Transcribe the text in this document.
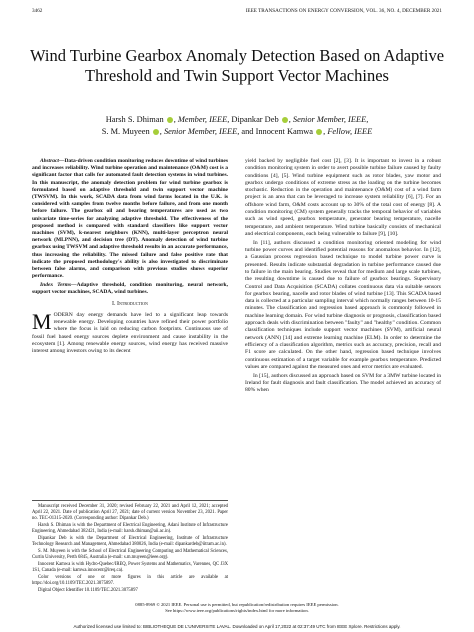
3462	IEEE TRANSACTIONS ON ENERGY CONVERSION, VOL. 36, NO. 4, DECEMBER 2021
Wind Turbine Gearbox Anomaly Detection Based on Adaptive Threshold and Twin Support Vector Machines
Harsh S. Dhiman , Member, IEEE, Dipankar Deb , Senior Member, IEEE,
S. M. Muyeen , Senior Member, IEEE, and Innocent Kamwa , Fellow, IEEE

Abstract—Data-driven condition monitoring reduces downtime of wind turbines and increases reliability. Wind turbine operation and maintenance (O&M) cost is a significant factor that calls for automated fault detection systems in wind turbines. In this manuscript, the anomaly detection problem for wind turbine gearbox is formulated based on adaptive threshold and twin support vector machine (TWSVM). In this work, SCADA data from wind farms located in the U.K. is considered with samples from twelve months before failure, and from one month before failure. The gearbox oil and bearing temperatures are used as two univariate time-series for analyzing adaptive threshold. The effectiveness of the proposed method is compared with standard classifiers like support vector machines (SVM), k-nearest neighbors (KNN), multi-layer perceptron neural network (MLPNN), and decision tree (DT). Anomaly detection of wind turbine gearbox using TWSVM and adaptive threshold results in an accurate performance, thus increasing the reliability. The missed failure and false positive rate that indicate the proposed methodology's ability is also investigated to discriminate between false alarms, and comparison with previous studies shows superior performance.

Index Terms—Adaptive threshold, condition monitoring, neural network, support vector machines, SCADA, wind turbines.

I. Introduction

MODERN day energy demands have led to a significant leap towards renewable energy. Developing countries have refined their power portfolio where the focus is laid on reducing carbon footprints. Continuous use of fossil fuel based energy sources deplete environment and cause instability in the ecosystem [1]. Among renewable energy sources, wind energy has received massive interest among investors owing to its decent

Manuscript received December 31, 2020; revised February 22, 2021 and April 12, 2021; accepted April 22, 2021. Date of publication April 27, 2021; date of current version November 23, 2021. Paper no. TEC-01315-2020. (Corresponding author: Dipankar Deb.)

Harsh S. Dhiman is with the Department of Electrical Engineering, Adani Institute of Infrastructure Engineering, Ahmedabad 382421, India (e-mail: harsh.dhiman@aii.ac.in).

Dipankar Deb is with the Department of Electrical Engineering, Institute of Infrastructure Technology Research and Management, Ahmedabad 380026, India (e-mail: dipankardeb@iitram.ac.in).

S. M. Muyeen is with the School of Electrical Engineering Computing and Mathematical Sciences, Curtin University, Perth 6845, Australia (e-mail: s.m.muyeen@ieee.org).

Innocent Kamwa is with Hydro-Quebec/IREQ, Power Systems and Mathematics, Varennes, QC J3X 1S1, Canada (e-mail: kamwa.innocent@ireq.ca).

Color versions of one or more figures in this article are available at https://doi.org/10.1109/TEC.2021.3075897.

Digital Object Identifier 10.1109/TEC.2021.3075897

yield backed by negligible fuel cost [2], [3]. It is important to invest in a robust condition monitoring system in order to avert possible turbine failure caused by faulty conditions [4], [5]. Wind turbine equipment such as rotor blades, yaw motor and gearbox undergo conditions of extreme stress as the loading on the turbine becomes stochastic. Reduction in the operation and maintenance (O&M) cost of a wind farm project is an area that can be leveraged to increase system reliability [6], [7]. For an offshore wind farm, O&M costs account up to 30% of the total cost of energy [8]. A condition monitoring (CM) system generally tracks the temporal behavior of variables such as wind speed, gearbox temperature, generator bearing temperature, nacelle temperature, and ambient temperature. Wind turbine basically consists of mechanical and electrical components, each being vulnerable to failure [9], [10].

In [11], authors discussed a condition monitoring oriented modeling for wind turbine power curves and identified potential reasons for anomalous behavior. In [12], a Gaussian process regression based technique to model turbine power curve is presented. Results indicate substantial degradation in turbine performance caused due to failure in the main bearing. Studies reveal that for medium and large scale turbines, the resulting downtime is caused due to failure of gearbox bearings. Supervisory Control and Data Acquisition (SCADA) collates continuous data via suitable sensors for gearbox bearing, nacelle and rotor blades of wind turbine [13]. This SCADA based data is collected at a particular sampling interval which normally ranges between 10-15 minutes. The classification and regression based approach is commonly followed in machine learning domain. For wind turbine diagnosis or prognosis, classification based approach deals with discrimination between "faulty" and "healthy" condition. Common classification techniques include support vector machines (SVM), artificial neural network (ANN) [14] and extreme learning machine (ELM). In order to determine the efficiency of a classification algorithm, metrics such as accuracy, precision, recall and F1 score are calculated. On the other hand, regression based technique involves continuous estimation of a target variable for example gearbox temperature. Predicted values are compared against the measured ones and error metrics are evaluated.

In [15], authors discussed an approach based on SVM for a 3MW turbine located in Ireland for fault diagnosis and fault classification. The model achieved an accuracy of 80% when

0885-8969 © 2021 IEEE. Personal use is permitted, but republication/redistribution requires IEEE permission.
See https://www.ieee.org/publications/rights/index.html for more information.
Authorized licensed use limited to: BIBLIOTHEQUE DE L'UNIVERSITE LAVAL. Downloaded on April 17,2022 at 02:37:49 UTC from IEEE Xplore. Restrictions apply.
